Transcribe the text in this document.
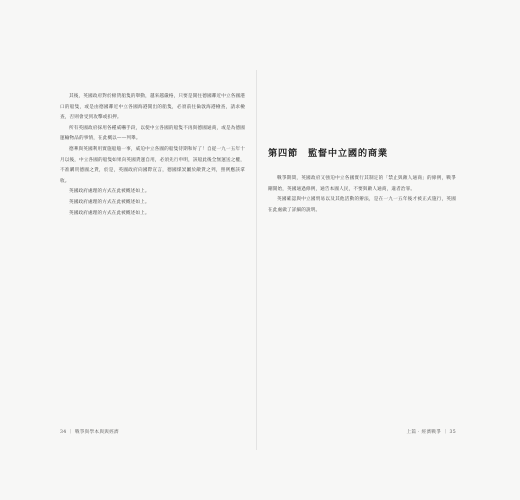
其後，英國政府對於棉貨船隻的舉動，越來越嚴格，只要是開往德國鄰近中立各國港口的船隻，或是由德國鄰近中立各國海港開出的船隻，必須前往倫敦海港檢查，請求檢查，否則會受到攻擊或扣押。

所有英國政府採用各種威嚇手段，以使中立各國的船隻不再與德國通商，或是為德國運輸物品的事情，在此概以——列舉。

德華與英國利用實施船舶一事，威迫中立各國的船隻待期和好了！自從一九一五年十月以後，中立各國的船隻如果向英國貨運自用，必須先行申明，該船此後全無運送之權，不准購買德國之貨，於是，英國政府向國際宣言，德國煤炭屬於敵貨之列，照例應該拿收。

英國政府處理的方式在此被概述如上。

英國政府處理的方式在此被概述如上。

英國政府處理的方式在此被概述如上。

第四節　監督中立國的商業

戰爭期間，英國政府又強迫中立各國實行其制定的「禁止與敵人通商」的條例，戰爭剛開始，英國通過條例，通告本國人民，不要與敵人通商，違者治罪。

英國確認與中立國貿易以及其他活動的辦法，是在一九一五年後才被正式施行，英國在此處做了詳細的說明。

34 ｜ 戰爭與學本與與經濟	上篇 · 經濟戰爭 ｜ 35
